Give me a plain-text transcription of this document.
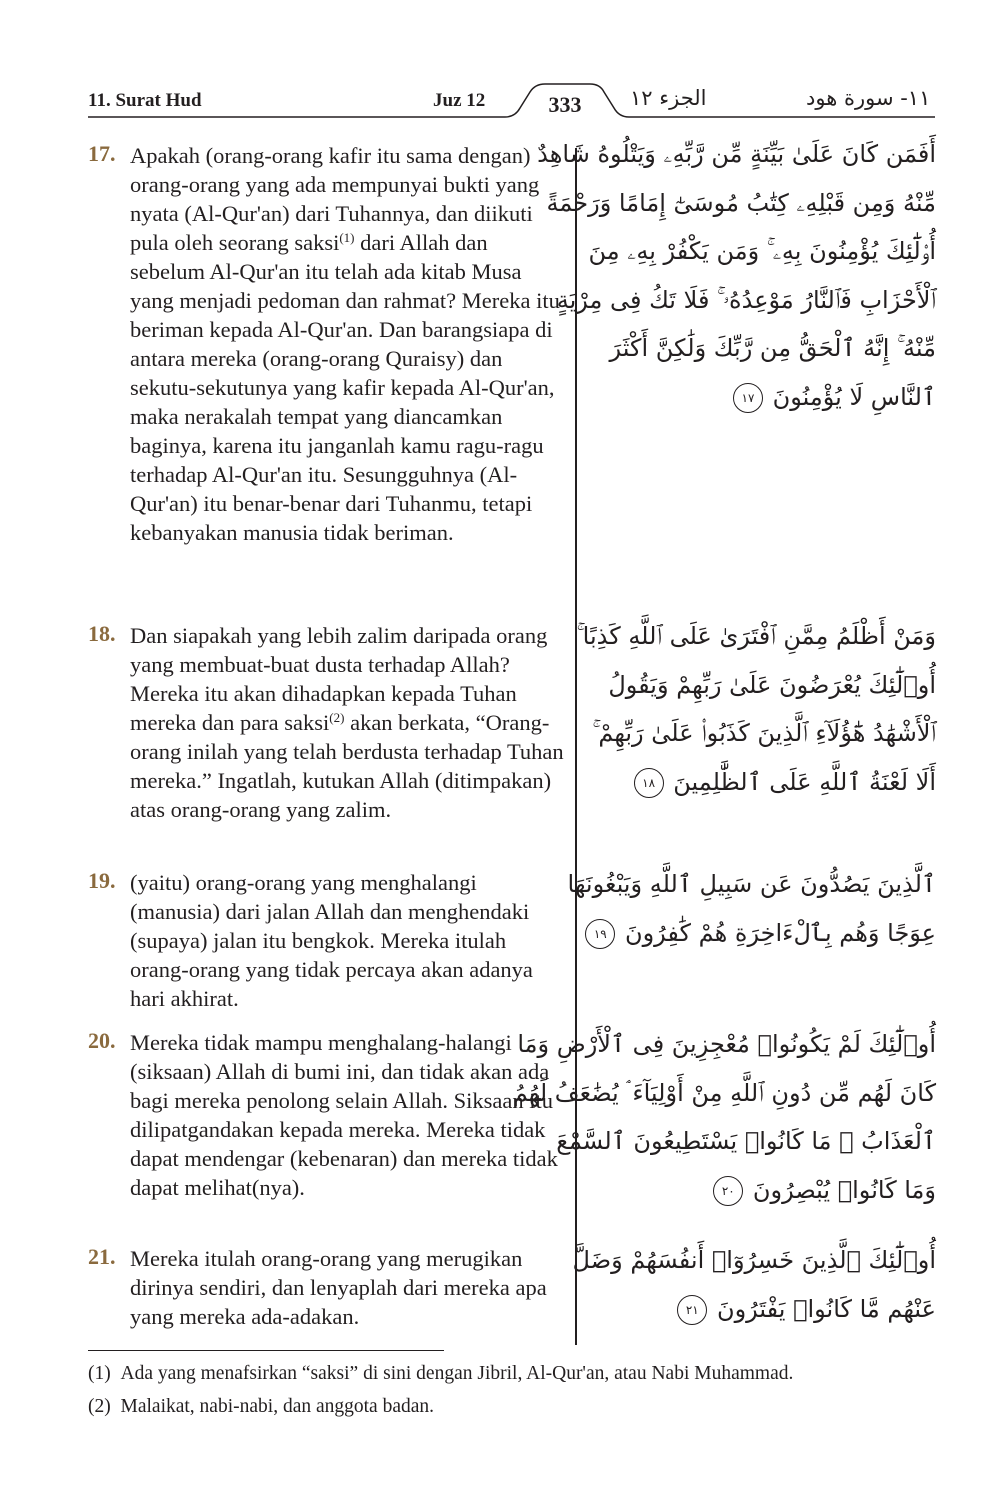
11. Surat Hud	Juz 12	الجزء ١٢	١١- سورة هود
333
17. Apakah (orang-orang kafir itu sama dengan) orang-orang yang ada mempunyai bukti yang nyata (Al-Qur'an) dari Tuhannya, dan diikuti pula oleh seorang saksi$^{(1)}$ dari Allah dan sebelum Al-Qur'an itu telah ada kitab Musa yang menjadi pedoman dan rahmat? Mereka itu beriman kepada Al-Qur'an. Dan barangsiapa di antara mereka (orang-orang Quraisy) dan sekutu-sekutunya yang kafir kepada Al-Qur'an, maka nerakalah tempat yang diancamkan baginya, karena itu janganlah kamu ragu-ragu terhadap Al-Qur'an itu. Sesungguhnya (Al-Qur'an) itu benar-benar dari Tuhanmu, tetapi kebanyakan manusia tidak beriman.
أَفَمَن كَانَ عَلَىٰ بَيِّنَةٍ مِّن رَّبِّهِۦ وَيَتْلُوهُ شَاهِدٌ
مِّنْهُ وَمِن قَبْلِهِۦ كِتَٰبُ مُوسَىٰٓ إِمَامًا وَرَحْمَةً
أُو۟لَٰٓئِكَ يُؤْمِنُونَ بِهِۦ ۚ وَمَن يَكْفُرْ بِهِۦ مِنَ
ٱلْأَحْزَابِ فَٱلنَّارُ مَوْعِدُهُۥ ۚ فَلَا تَكُ فِى مِرْيَةٍ
مِّنْهُ ۚ إِنَّهُ ٱلْحَقُّ مِن رَّبِّكَ وَلَٰكِنَّ أَكْثَرَ
ٱلنَّاسِ لَا يُؤْمِنُونَ ١٧
18. Dan siapakah yang lebih zalim daripada orang yang membuat-buat dusta terhadap Allah? Mereka itu akan dihadapkan kepada Tuhan mereka dan para saksi$^{(2)}$ akan berkata, “Orang-orang inilah yang telah berdusta terhadap Tuhan mereka.” Ingatlah, kutukan Allah (ditimpakan) atas orang-orang yang zalim.
وَمَنْ أَظْلَمُ مِمَّنِ ٱفْتَرَىٰ عَلَى ٱللَّهِ كَذِبًا ۚ
أُو۟لَٰٓئِكَ يُعْرَضُونَ عَلَىٰ رَبِّهِمْ وَيَقُولُ
ٱلْأَشْهَٰدُ هَٰٓؤُلَآءِ ٱلَّذِينَ كَذَبُوا۟ عَلَىٰ رَبِّهِمْ ۚ
أَلَا لَعْنَةُ ٱللَّهِ عَلَى ٱلظَّٰلِمِينَ ١٨
19. (yaitu) orang-orang yang menghalangi (manusia) dari jalan Allah dan menghendaki (supaya) jalan itu bengkok. Mereka itulah orang-orang yang tidak percaya akan adanya hari akhirat.
ٱلَّذِينَ يَصُدُّونَ عَن سَبِيلِ ٱللَّهِ وَيَبْغُونَهَا
عِوَجًا وَهُم بِٱلْءَاخِرَةِ هُمْ كَٰفِرُونَ ١٩
20. Mereka tidak mampu menghalang-halangi (siksaan) Allah di bumi ini, dan tidak akan ada bagi mereka penolong selain Allah. Siksaan itu dilipatgandakan kepada mereka. Mereka tidak dapat mendengar (kebenaran) dan mereka tidak dapat melihat(nya).
أُو۟لَٰٓئِكَ لَمْ يَكُونُوا۟ مُعْجِزِينَ فِى ٱلْأَرْضِ وَمَا
كَانَ لَهُم مِّن دُونِ ٱللَّهِ مِنْ أَوْلِيَآءَ ۘ يُضَٰعَفُ لَهُمُ
ٱلْعَذَابُ ۚ مَا كَانُوا۟ يَسْتَطِيعُونَ ٱلسَّمْعَ
وَمَا كَانُوا۟ يُبْصِرُونَ ٢٠
21. Mereka itulah orang-orang yang merugikan dirinya sendiri, dan lenyaplah dari mereka apa yang mereka ada-adakan.
أُو۟لَٰٓئِكَ ٱلَّذِينَ خَسِرُوٓا۟ أَنفُسَهُمْ وَضَلَّ
عَنْهُم مَّا كَانُوا۟ يَفْتَرُونَ ٢١
(1) Ada yang menafsirkan “saksi” di sini dengan Jibril, Al-Qur'an, atau Nabi Muhammad.
(2) Malaikat, nabi-nabi, dan anggota badan.
